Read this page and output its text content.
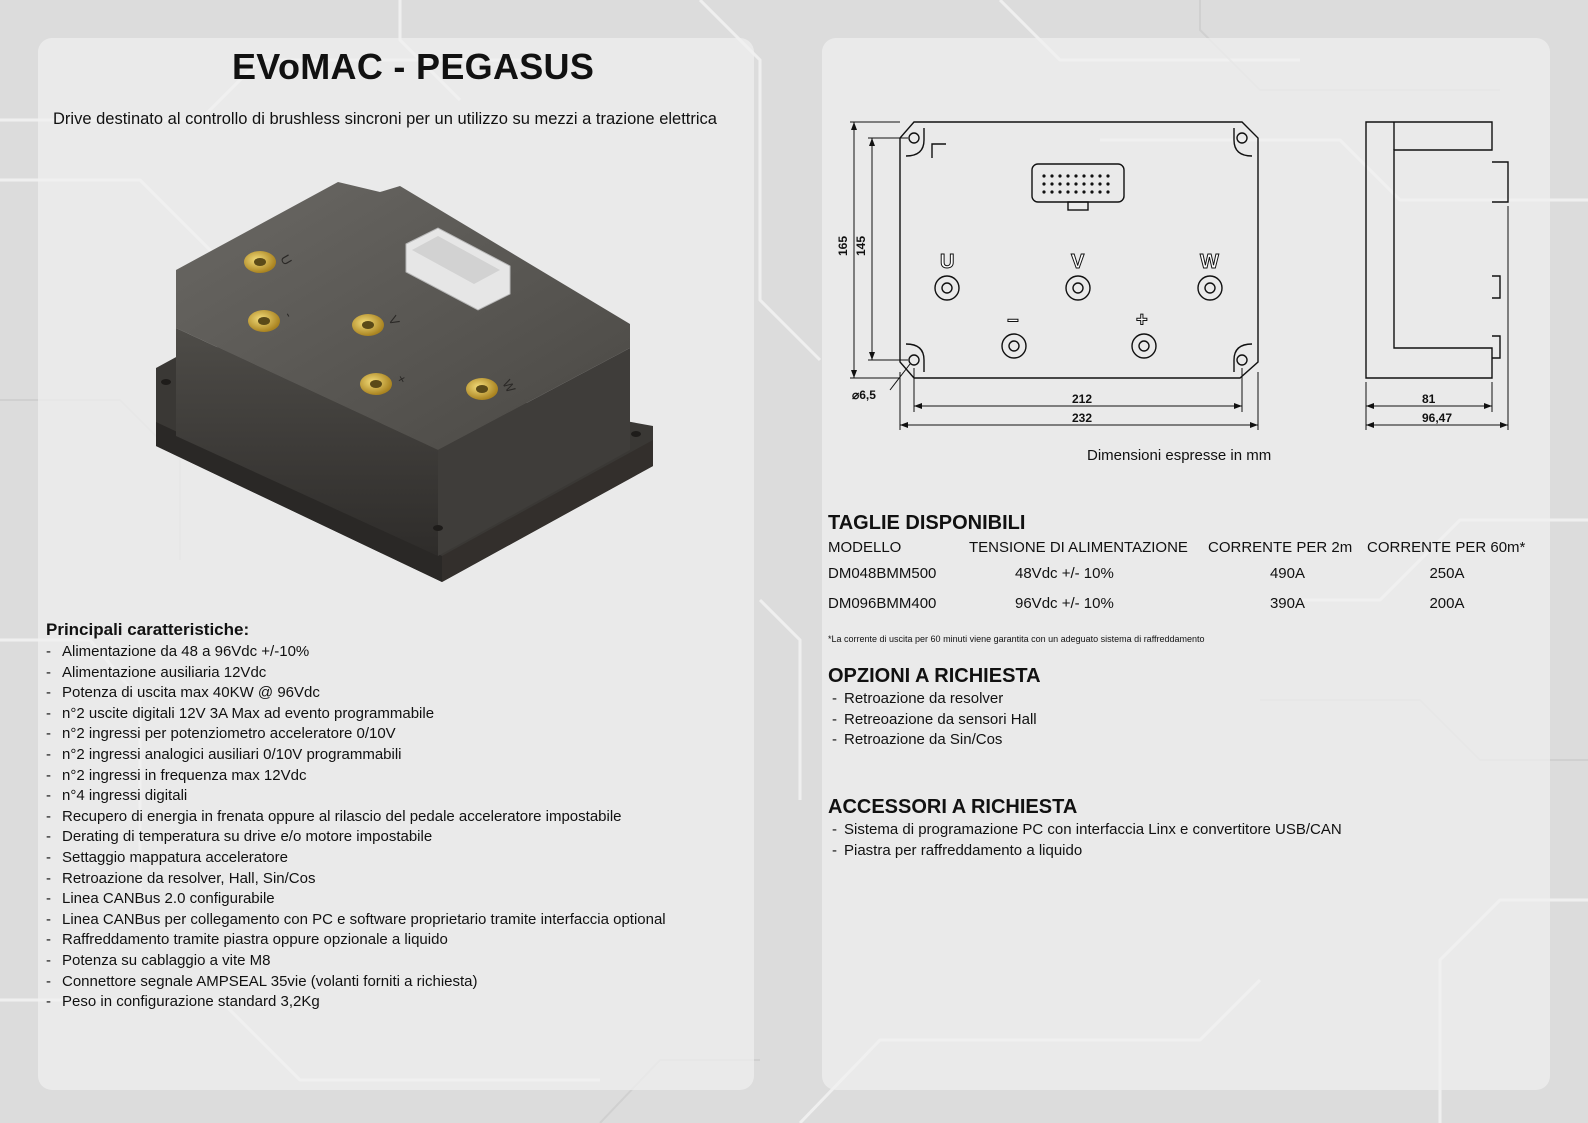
EVoMAC - PEGASUS
Drive destinato al controllo di brushless sincroni per un utilizzo su mezzi a trazione elettrica
U
-	V
+	W
Principali caratteristiche:
- Alimentazione da 48 a 96Vdc +/-10%
- Alimentazione ausiliaria 12Vdc
- Potenza di uscita max 40KW @ 96Vdc
- n°2 uscite digitali 12V 3A Max ad evento programmabile
- n°2 ingressi per potenziometro acceleratore 0/10V
- n°2 ingressi analogici ausiliari 0/10V programmabili
- n°2 ingressi in frequenza max 12Vdc
- n°4 ingressi digitali
- Recupero di energia in frenata oppure al rilascio del pedale acceleratore impostabile
- Derating di temperatura su drive e/o motore impostabile
- Settaggio mappatura acceleratore
- Retroazione da resolver, Hall, Sin/Cos
- Linea CANBus 2.0 configurabile
- Linea CANBus per collegamento con PC e software proprietario tramite interfaccia optional
- Raffreddamento tramite piastra oppure opzionale a liquido
- Potenza su cablaggio a vite M8
- Connettore segnale AMPSEAL 35vie (volanti forniti a richiesta)
- Peso in configurazione standard 3,2Kg
165 145
⌀6,5	212
232
81
96,47
U	V	W
−	+
Dimensioni espresse in mm
TAGLIE DISPONIBILI
MODELLO	TENSIONE DI ALIMENTAZIONE	CORRENTE PER 2m	CORRENTE PER 60m*
DM048BMM500	48Vdc +/- 10%	490A	250A
DM096BMM400	96Vdc +/- 10%	390A	200A
*La corrente di uscita per 60 minuti viene garantita con un adeguato sistema di raffreddamento
OPZIONI A RICHIESTA
- Retroazione da resolver
- Retreoazione da sensori Hall
- Retroazione da Sin/Cos
ACCESSORI A RICHIESTA
- Sistema di programazione PC con interfaccia Linx e convertitore USB/CAN
- Piastra per raffreddamento a liquido
